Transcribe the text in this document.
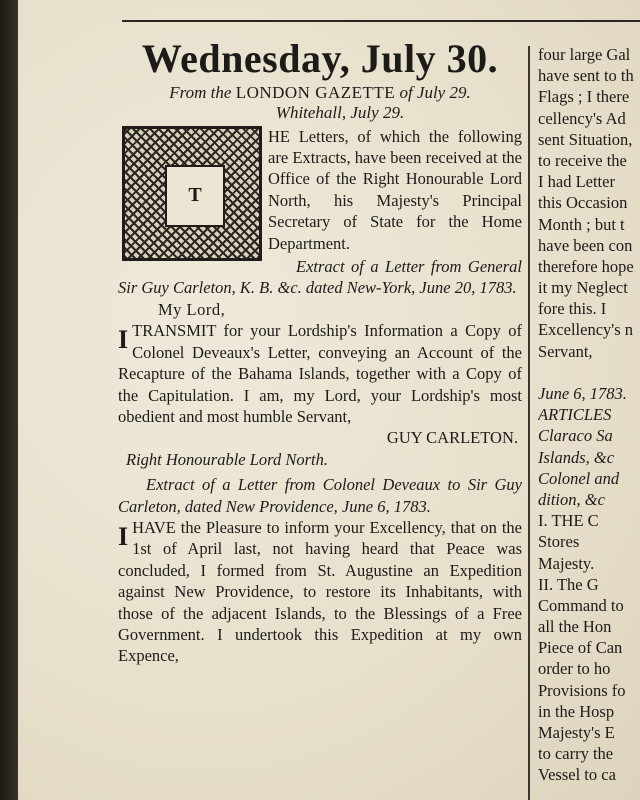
Wednesday, July 30.
From the LONDON GAZETTE of July 29.
Whitehall, July 29.
T

HE Letters, of which the following are Extracts, have been received at the Office of the Right Honourable Lord North, his Majesty's Principal Secretary of State for the Home Department.

Extract of a Letter from General Sir Guy Carleton, K. B. &c. dated New-York, June 20, 1783.

My Lord,

ITRANSMIT for your Lordship's Information a Copy of Colonel Deveaux's Letter, conveying an Account of the Recapture of the Bahama Islands, together with a Copy of the Capitulation. I am, my Lord, your Lordship's most obedient and most humble Servant,

GUY CARLETON.

Right Honourable Lord North.

Extract of a Letter from Colonel Deveaux to Sir Guy Carleton, dated New Providence, June 6, 1783.

IHAVE the Pleasure to inform your Excellency, that on the 1st of April last, not having heard that Peace was concluded, I formed from St. Augustine an Expedition against New Providence, to restore its Inhabitants, with those of the adjacent Islands, to the Blessings of a Free Government. I undertook this Expedition at my own Expence,

four large Gal
have sent to th
Flags ; I there
cellency's Ad
sent Situation,
to receive the
I had Letter
this Occasion
Month ; but t
have been con
therefore hope
it my Neglect
fore this. I
Excellency's n
Servant,
June 6, 1783.
ARTICLES
Claraco Sa
Islands, &c
Colonel and
dition, &c
I. THE C
Stores
Majesty.
II. The G
Command to
all the Hon
Piece of Can
order to ho
Provisions fo
in the Hosp
Majesty's E
to carry the
Vessel to ca
